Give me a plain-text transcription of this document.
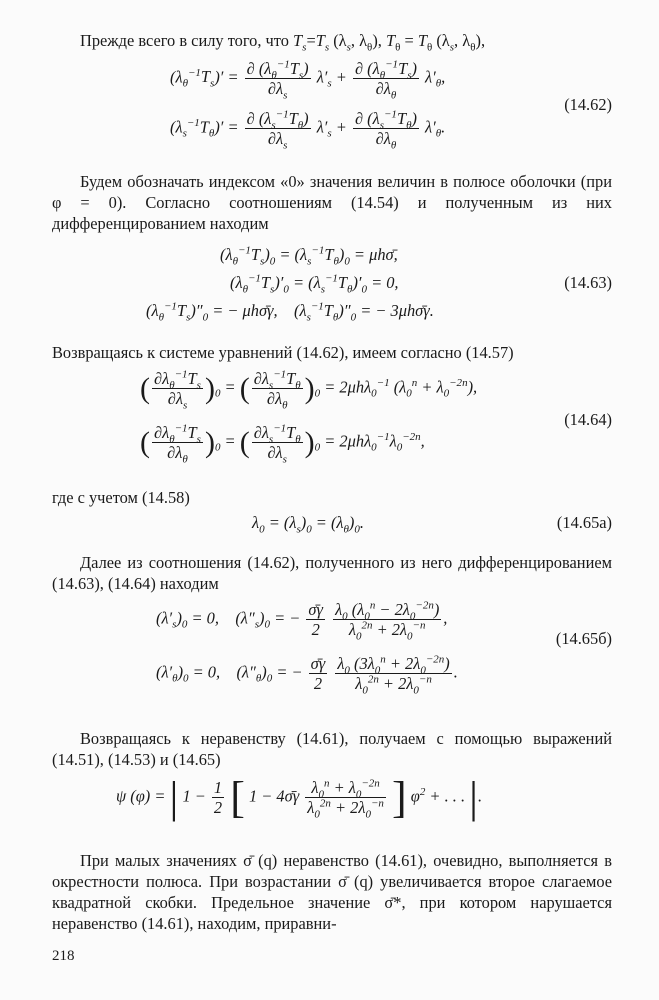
Прежде всего в силу того, что $T_s=T_s$ ($\lambda_s$, $\lambda_\theta$), $T_\theta = T_\theta$ ($\lambda_s$, $\lambda_\theta$),

$(\lambda_\theta^{-1}T_s)' = \frac{\partial (\lambda_\theta^{-1}T_s)}{\partial\lambda_s} \lambda'_s + \frac{\partial (\lambda_\theta^{-1}T_s)}{\partial\lambda_\theta} \lambda'_\theta$,
$(\lambda_s^{-1}T_\theta)' = \frac{\partial (\lambda_s^{-1}T_\theta)}{\partial\lambda_s} \lambda'_s + \frac{\partial (\lambda_s^{-1}T_\theta)}{\partial\lambda_\theta} \lambda'_\theta$.
(14.62)

Будем обозначать индексом «0» значения величин в полюсе оболочки (при φ = 0). Согласно соотношениям (14.54) и полученным из них дифференцированием находим

$(\lambda_\theta^{-1}T_s)_0 = (\lambda_s^{-1}T_\theta)_0$ = μhσ̄,
$(\lambda_\theta^{-1}T_s)'_0 = (\lambda_s^{-1}T_\theta)'_0 = 0$,
$(\lambda_\theta^{-1}T_s)''_0$ = − μhσ̄γ,    $(\lambda_s^{-1}T_\theta)''_0$ = − 3μhσ̄γ.
(14.63)

Возвращаясь к системе уравнений (14.62), имеем согласно (14.57)

( $\frac{\partial\lambda_\theta^{-1}T_s}{\partial\lambda_s} )_0$ = ( $\frac{\partial\lambda_s^{-1}T_\theta}{\partial\lambda_\theta} )_0 = 2\mu h\lambda_0^{-1}$ $(\lambda_0^n + \lambda_0^{-2n})$,
( $\frac{\partial\lambda_\theta^{-1}T_s}{\partial\lambda_\theta} )_0$ = ( $\frac{\partial\lambda_s^{-1}T_\theta}{\partial\lambda_s} )_0 = 2\mu h\lambda_0^{-1}\lambda_0^{-2n}$,
(14.64)

где с учетом (14.58)

$\lambda_0 = (\lambda_s)_0 = (\lambda_\theta)_0$.	(14.65а)

Далее из соотношения (14.62), полученного из него дифференцированием (14.63), (14.64) находим

$(\lambda'_s)_0 = 0$,    $(\lambda''_s)_0$ = − $\frac{\sigmā\gamma}{2}$
$\frac{\lambda_0 (\lambda_0^n - 2\lambda_0^{-2n})}{\lambda_0^{2n} + 2\lambda_0^{-n}}$ ,
$(\lambda'_\theta)_0 = 0$,    $(\lambda''_\theta)_0$ = − $\frac{\sigmā\gamma}{2}$
$\frac{\lambda_0 (3\lambda_0^n + 2\lambda_0^{-2n})}{\lambda_0^{2n} + 2\lambda_0^{-n}}$ .
(14.65б)

Возвращаясь к неравенству (14.61), получаем с помощью выражений (14.51), (14.53) и (14.65)

ψ (φ) = | $1 - \frac{1}{2}$ [ 1 − 4σ̄γ $\frac{\lambda_0^n + \lambda_0^{-2n}}{\lambda_0^{2n} + 2\lambda_0^{-n}}$ ] $\varphi^2$ + . . . |.

При малых значениях σ̄ (q) неравенство (14.61), очевидно, выполняется в окрестности полюса. При возрастании σ̄ (q) увеличивается второе слагаемое квадратной скобки. Предельное значение σ̄*, при котором нарушается неравенство (14.61), находим, приравни-

218
